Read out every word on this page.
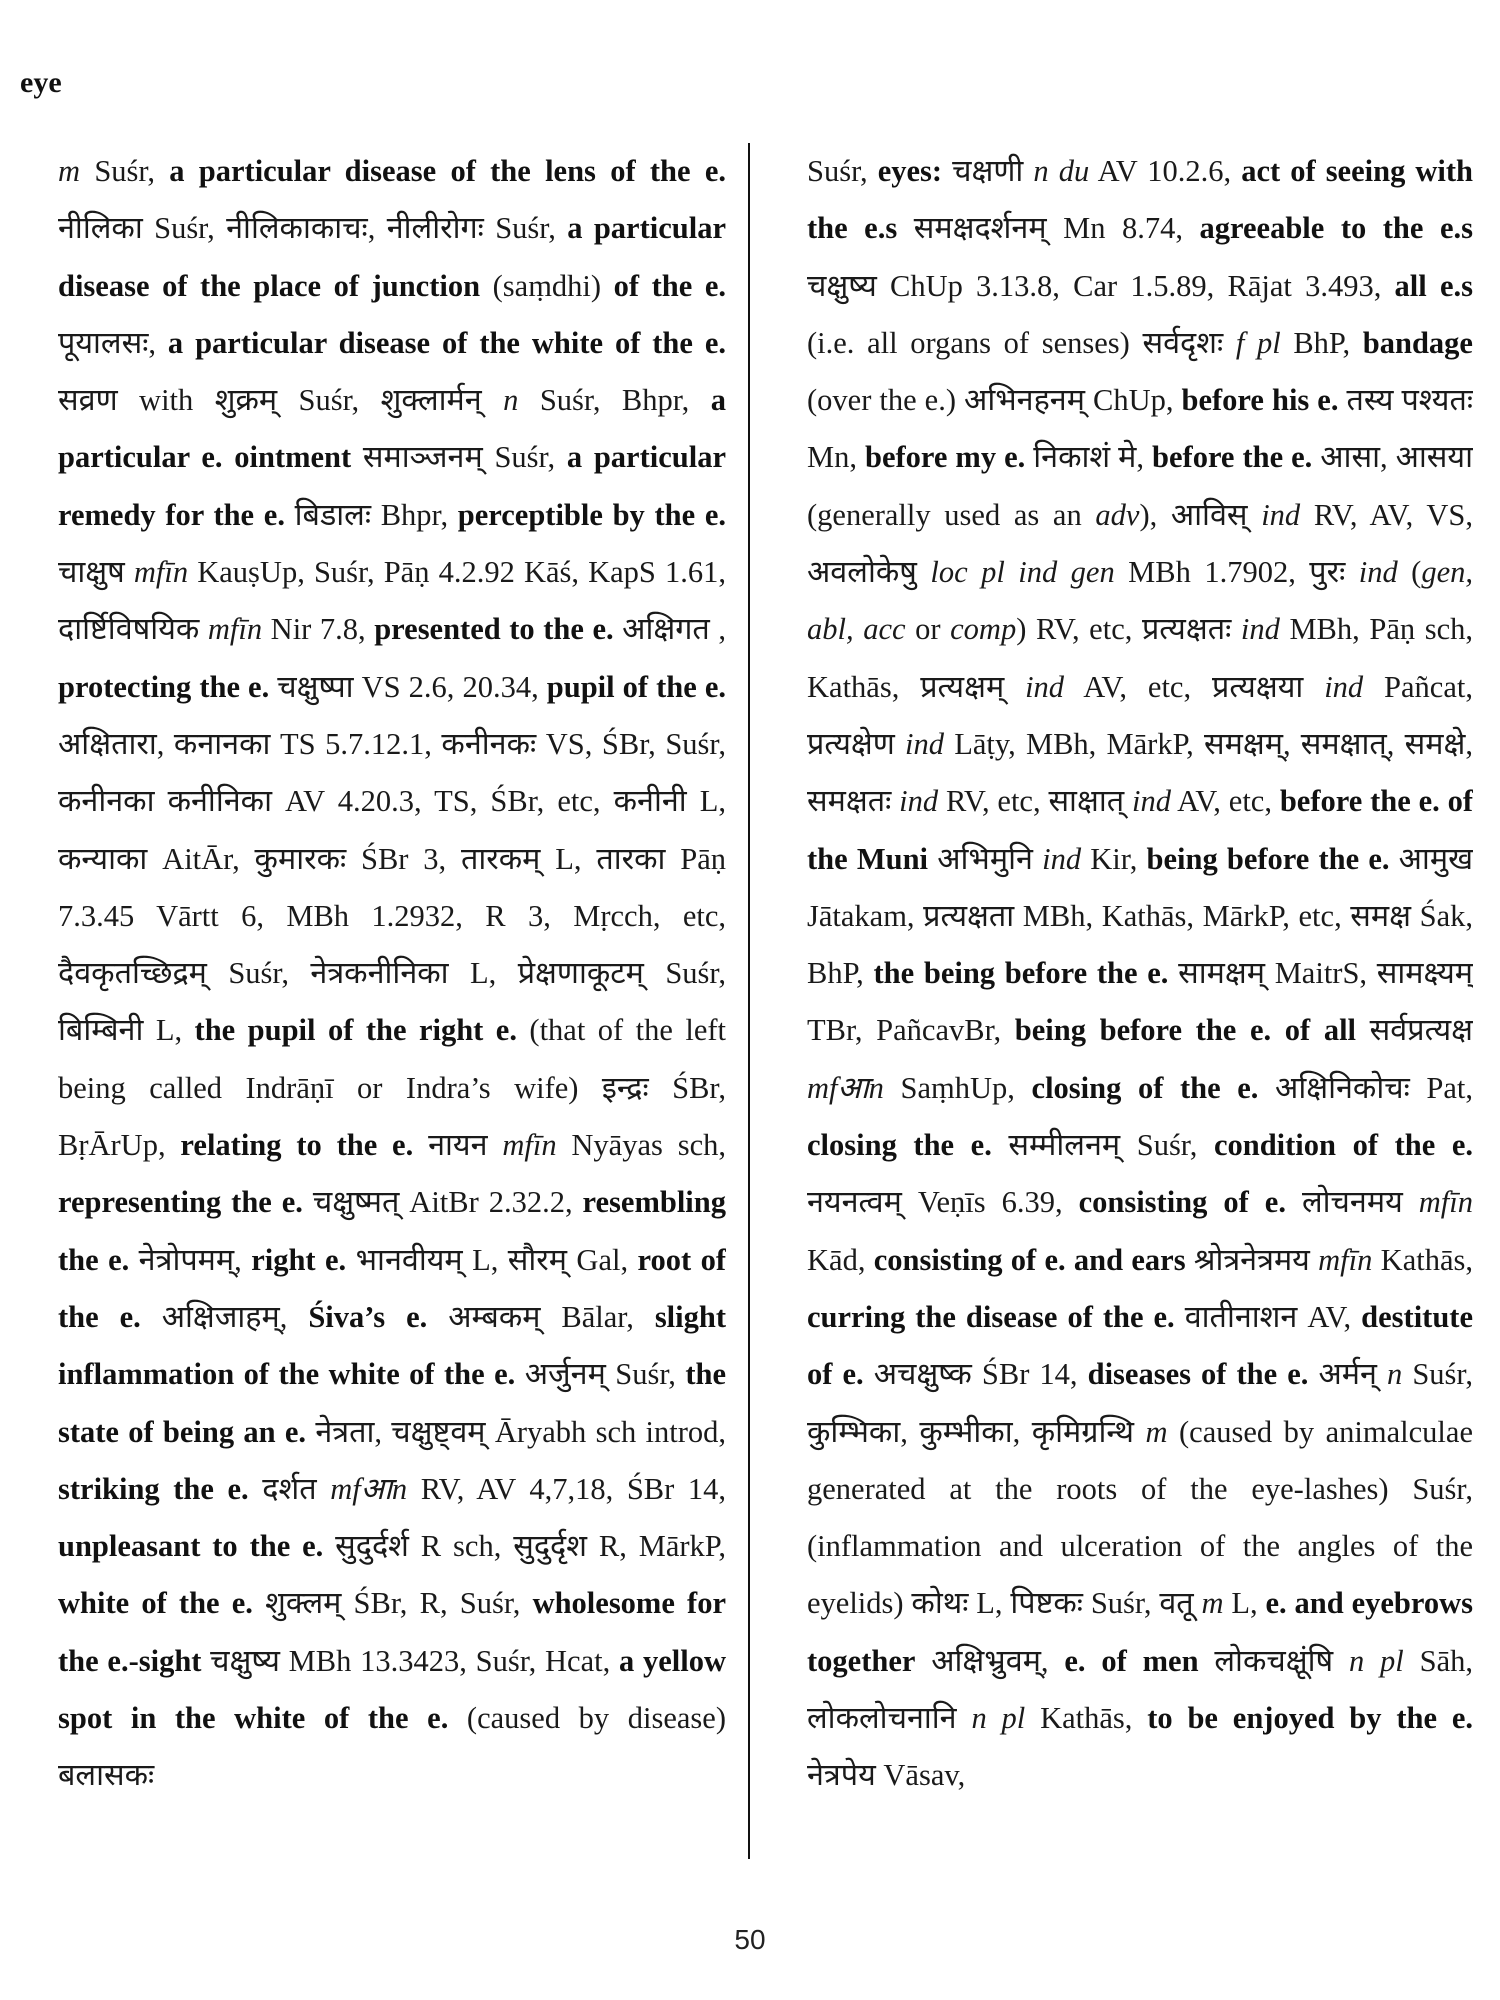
eye
m Suśr, a particular disease of the lens of the e. नीलिका Suśr, नीलिकाकाचः, नीलीरोगः Suśr, a particular disease of the place of junction (saṃdhi) of the e. पूयालसः, a particular disease of the white of the e. सव्रण with शुक्रम् Suśr, शुक्लार्मन् n Suśr, Bhpr, a particular e. ointment समाञ्जनम् Suśr, a particular remedy for the e. बिडालः Bhpr, perceptible by the e. चाक्षुष mfīn KauṣUp, Suśr, Pāṇ 4.2.92 Kāś, KapS 1.61, दार्ष्टिविषयिक mfīn Nir 7.8, presented to the e. अक्षिगत , protecting the e. चक्षुष्पा VS 2.6, 20.34, pupil of the e. अक्षितारा, कनानका TS 5.7.12.1, कनीनकः VS, ŚBr, Suśr, कनीनका कनीनिका AV 4.20.3, TS, ŚBr, etc, कनीनी L, कन्याका AitĀr, कुमारकः ŚBr 3, तारकम् L, तारका Pāṇ 7.3.45 Vārtt 6, MBh 1.2932, R 3, Mṛcch, etc, दैवकृतच्छिद्रम् Suśr, नेत्रकनीनिका L, प्रेक्षणाकूटम् Suśr, बिम्बिनी L, the pupil of the right e. (that of the left being called Indrāṇī or Indra’s wife) इन्द्रः ŚBr, BṛĀrUp, relating to the e. नायन mfīn Nyāyas sch, representing the e. चक्षुष्मत् AitBr 2.32.2, resembling the e. नेत्रोपमम्, right e. भानवीयम् L, सौरम् Gal, root of the e. अक्षिजाहम्, Śiva’s e. अम्बकम् Bālar, slight inflammation of the white of the e. अर्जुनम् Suśr, the state of being an e. नेत्रता, चक्षुष्ट्वम् Āryabh sch introd, striking the e. दर्शत mfआn RV, AV 4,7,18, ŚBr 14, unpleasant to the e. सुदुर्दर्श R sch, सुदुर्दृश R, MārkP, white of the e. शुक्लम् ŚBr, R, Suśr, wholesome for the e.-sight चक्षुष्य MBh 13.3423, Suśr, Hcat, a yellow spot in the white of the e. (caused by disease) बलासकः
Suśr, eyes: चक्षणी n du AV 10.2.6, act of seeing with the e.s समक्षदर्शनम् Mn 8.74, agreeable to the e.s चक्षुष्य ChUp 3.13.8, Car 1.5.89, Rājat 3.493, all e.s (i.e. all organs of senses) सर्वदृशः f pl BhP, bandage (over the e.) अभिनहनम् ChUp, before his e. तस्य पश्यतः Mn, before my e. निकाशं मे, before the e. आसा, आसया (generally used as an adv), आविस् ind RV, AV, VS, अवलोकेषु loc pl ind gen MBh 1.7902, पुरः ind (gen, abl, acc or comp) RV, etc, प्रत्यक्षतः ind MBh, Pāṇ sch, Kathās, प्रत्यक्षम् ind AV, etc, प्रत्यक्षया ind Pañcat, प्रत्यक्षेण ind Lāṭy, MBh, MārkP, समक्षम्, समक्षात्, समक्षे, समक्षतः ind RV, etc, साक्षात् ind AV, etc, before the e. of the Muni अभिमुनि ind Kir, being before the e. आमुख Jātakam, प्रत्यक्षता MBh, Kathās, MārkP, etc, समक्ष Śak, BhP, the being before the e. सामक्षम् MaitrS, सामक्ष्यम् TBr, PañcavBr, being before the e. of all सर्वप्रत्यक्ष mfआn SaṃhUp, closing of the e. अक्षिनिकोचः Pat, closing the e. सम्मीलनम् Suśr, condition of the e. नयनत्वम् Veṇīs 6.39, consisting of e. लोचनमय mfīn Kād, consisting of e. and ears श्रोत्रनेत्रमय mfīn Kathās, curring the disease of the e. वातीनाशन AV, destitute of e. अचक्षुष्क ŚBr 14, diseases of the e. अर्मन् n Suśr, कुम्भिका, कुम्भीका, कृमिग्रन्थि m (caused by animalculae generated at the roots of the eye-lashes) Suśr, (inflammation and ulceration of the angles of the eyelids) कोथः L, पिष्टकः Suśr, वतू m L, e. and eyebrows together अक्षिभ्रुवम्, e. of men लोकचक्षूंषि n pl Sāh, लोकलोचनानि n pl Kathās, to be enjoyed by the e. नेत्रपेय Vāsav,
50
